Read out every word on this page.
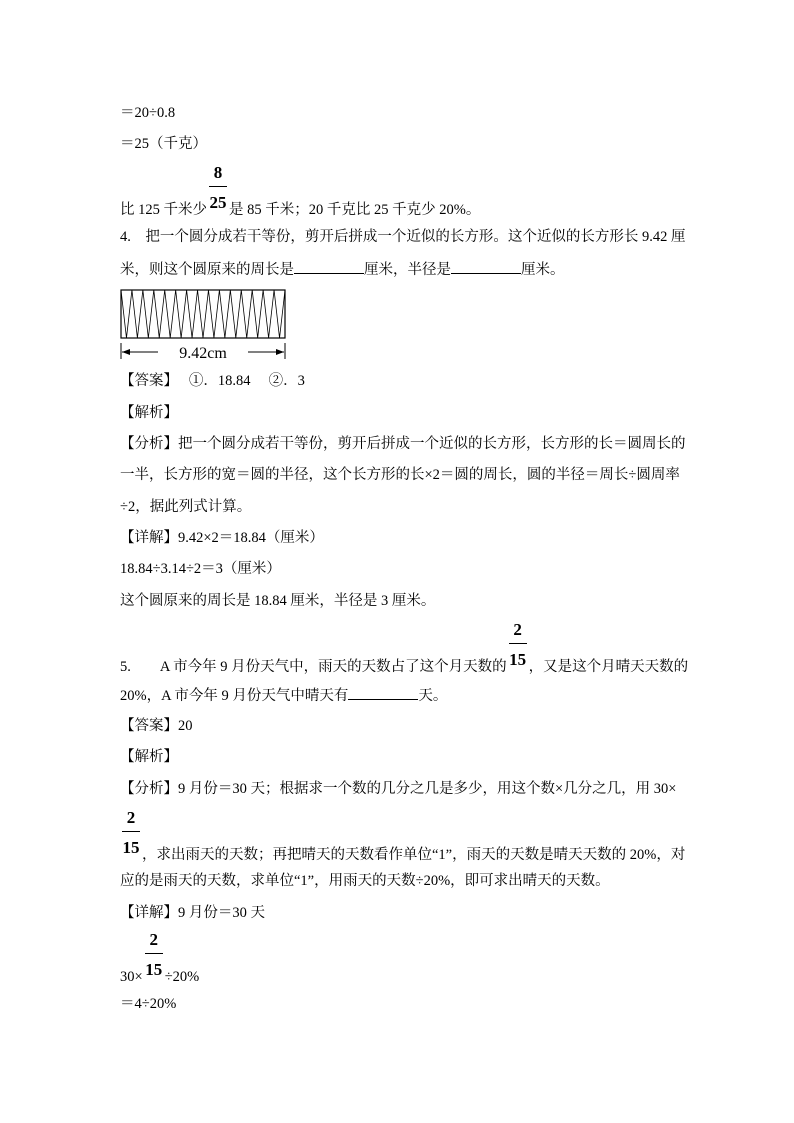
＝20÷0.8
＝25（千克）
比 125 千米少 $\frac{8}{25}$ 是 85 千米；20 千克比 25 千克少 20%。
4.　把一个圆分成若干等份，剪开后拼成一个近似的长方形。这个近似的长方形长 9.42 厘
米，则这个圆原来的周长是	厘米，半径是	厘米。
9.42cm
【答案】　 ①．18.84　 ②．3
【解析】
【分析】把一个圆分成若干等份，剪开后拼成一个近似的长方形，长方形的长＝圆周长的
一半，长方形的宽＝圆的半径，这个长方形的长×2＝圆的周长，圆的半径＝周长÷圆周率
÷2，据此列式计算。
【详解】9.42×2＝18.84（厘米）
18.84÷3.14÷2＝3（厘米）
这个圆原来的周长是 18.84 厘米，半径是 3 厘米。
5.　　A 市今年 9 月份天气中，雨天的天数占了这个月天数的 $\frac{2}{15}$ ，又是这个月晴天天数的
20%，A 市今年 9 月份天气中晴天有	天。
【答案】20
【解析】
【分析】9 月份＝30 天；根据求一个数的几分之几是多少，用这个数×几分之几，用 30×
$\frac{2}{15}$ ，求出雨天的天数；再把晴天的天数看作单位“1”，雨天的天数是晴天天数的 20%，对
应的是雨天的天数，求单位“1”，用雨天的天数÷20%，即可求出晴天的天数。
【详解】9 月份＝30 天
$30\times \frac{2}{15} \div 20\%$
＝4÷20%
